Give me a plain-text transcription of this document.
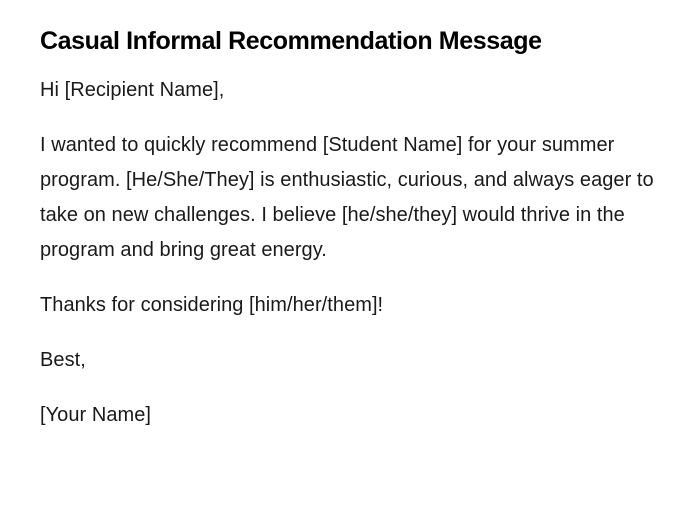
Casual Informal Recommendation Message

Hi [Recipient Name],

I wanted to quickly recommend [Student Name] for your summer program. [He/She/They] is enthusiastic, curious, and always eager to take on new challenges. I believe [he/she/they] would thrive in the program and bring great energy.

Thanks for considering [him/her/them]!

Best,

[Your Name]
